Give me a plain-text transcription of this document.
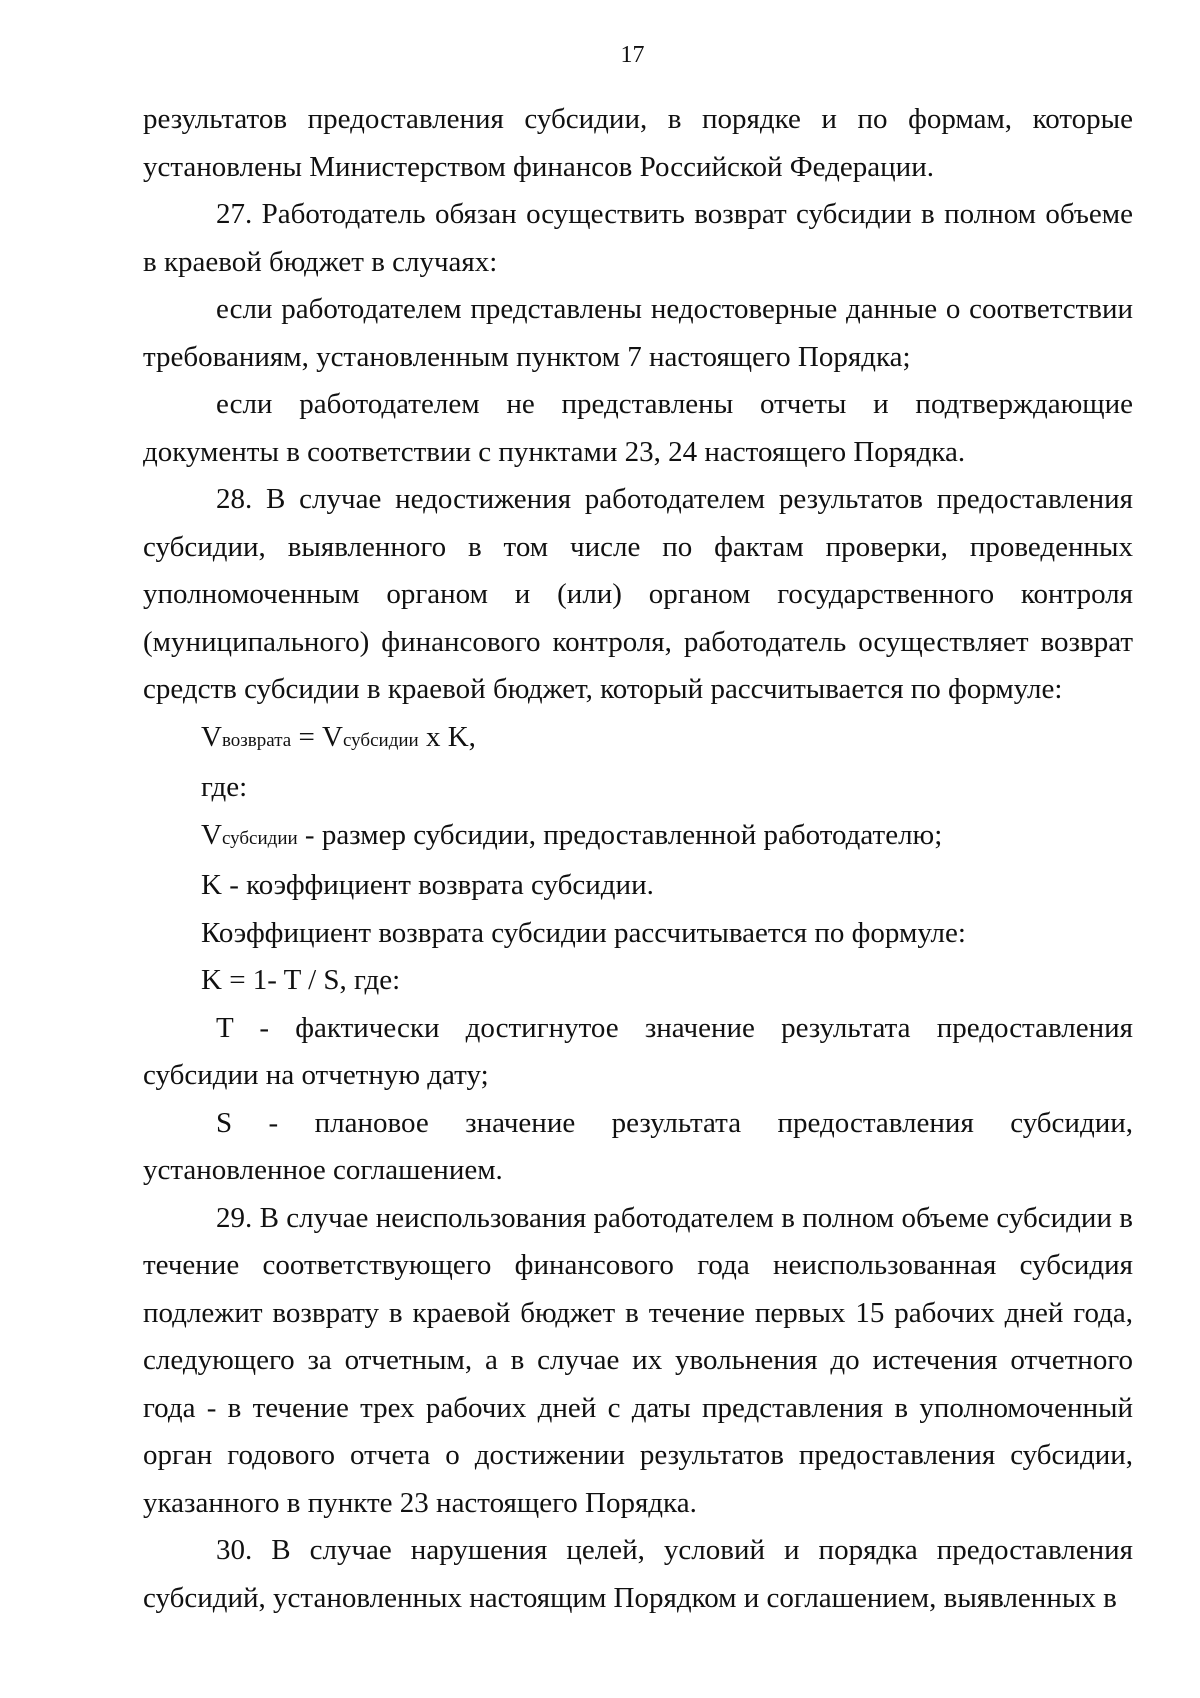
17

результатов предоставления субсидии, в порядке и по формам, которые установлены Министерством финансов Российской Федерации.

27. Работодатель обязан осуществить возврат субсидии в полном объеме в краевой бюджет в случаях:

если работодателем представлены недостоверные данные о соответствии требованиям, установленным пунктом 7 настоящего Порядка;

если работодателем не представлены отчеты и подтверждающие документы в соответствии с пунктами 23, 24 настоящего Порядка.

28. В случае недостижения работодателем результатов предоставления субсидии, выявленного в том числе по фактам проверки, проведенных уполномоченным органом и (или) органом государственного контроля (муниципального) финансового контроля, работодатель осуществляет возврат средств субсидии в краевой бюджет, который рассчитывается по формуле:

Vвозврата = Vсубсидии x K,

где:

Vсубсидии - размер субсидии, предоставленной работодателю;

K - коэффициент возврата субсидии.

Коэффициент возврата субсидии рассчитывается по формуле:

K = 1- T / S, где:

T - фактически достигнутое значение результата предоставления субсидии на отчетную дату;

S - плановое значение результата предоставления субсидии, установленное соглашением.

29. В случае неиспользования работодателем в полном объеме субсидии в течение соответствующего финансового года неиспользованная субсидия подлежит возврату в краевой бюджет в течение первых 15 рабочих дней года, следующего за отчетным, а в случае их увольнения до истечения отчетного года - в течение трех рабочих дней с даты представления в уполномоченный орган годового отчета о достижении результатов предоставления субсидии, указанного в пункте 23 настоящего Порядка.

30. В случае нарушения целей, условий и порядка предоставления субсидий, установленных настоящим Порядком и соглашением, выявленных в
